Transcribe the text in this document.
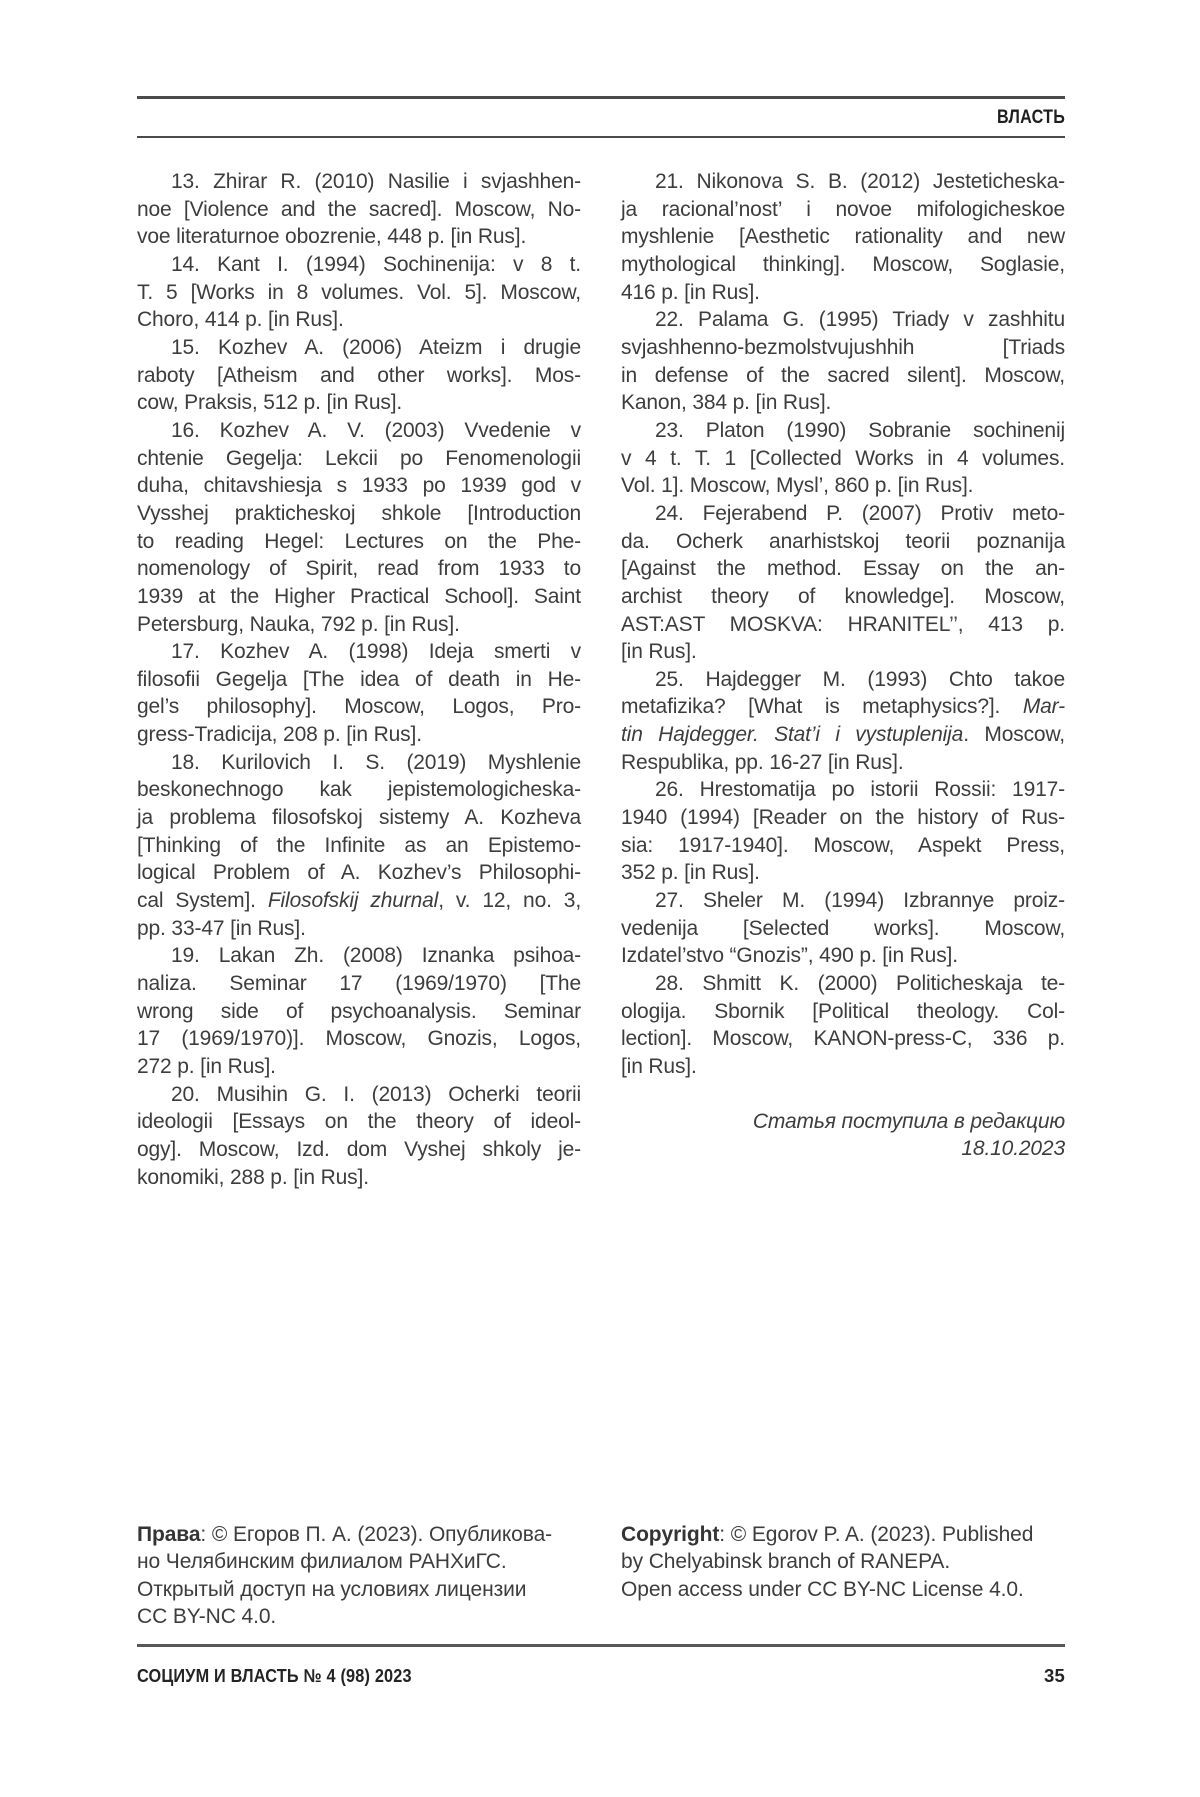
ВЛАСТЬ

13. Zhirar R. (2010) Nasilie i svjashhen-
noe [Violence and the sacred]. Moscow, No-
voe literaturnoe obozrenie, 448 p. [in Rus].

14. Kant I. (1994) Sochinenija: v 8 t.
T. 5 [Works in 8 volumes. Vol. 5]. Moscow,
Choro, 414 p. [in Rus].

15. Kozhev A. (2006) Ateizm i drugie
raboty [Atheism and other works]. Mos-
cow, Praksis, 512 p. [in Rus].

16. Kozhev A. V. (2003) Vvedenie v
chtenie Gegelja: Lekcii po Fenomenologii
duha, chitavshiesja s 1933 po 1939 god v
Vysshej prakticheskoj shkole [Introduction
to reading Hegel: Lectures on the Phe-
nomenology of Spirit, read from 1933 to
1939 at the Higher Practical School]. Saint
Petersburg, Nauka, 792 p. [in Rus].

17. Kozhev A. (1998) Ideja smerti v
filosofii Gegelja [The idea of death in He-
gel’s philosophy]. Moscow, Logos, Pro-
gress-Tradicija, 208 p. [in Rus].

18. Kurilovich I. S. (2019) Myshlenie
beskonechnogo kak jepistemologicheska-
ja problema filosofskoj sistemy A. Kozheva
[Thinking of the Infinite as an Epistemo-
logical Problem of A. Kozhev’s Philosophi-
cal System]. Filosofskij zhurnal, v. 12, no. 3,
pp. 33-47 [in Rus].

19. Lakan Zh. (2008) Iznanka psihoa-
naliza. Seminar 17 (1969/1970) [The
wrong side of psychoanalysis. Seminar
17 (1969/1970)]. Moscow, Gnozis, Logos,
272 p. [in Rus].

20. Musihin G. I. (2013) Ocherki teorii
ideologii [Essays on the theory of ideol-
ogy]. Moscow, Izd. dom Vyshej shkoly je-
konomiki, 288 p. [in Rus].

21. Nikonova S. B. (2012) Jesteticheska-
ja racional’nost’ i novoe mifologicheskoe
myshlenie [Aesthetic rationality and new
mythological thinking]. Moscow, Soglasie,
416 p. [in Rus].

22. Palama G. (1995) Triady v zashhitu
svjashhenno-bezmolstvujushhih [Triads
in defense of the sacred silent]. Moscow,
Kanon, 384 p. [in Rus].

23. Platon (1990) Sobranie sochinenij
v 4 t. T. 1 [Collected Works in 4 volumes.
Vol. 1]. Moscow, Mysl’, 860 p. [in Rus].

24. Fejerabend P. (2007) Protiv meto-
da. Ocherk anarhistskoj teorii poznanija
[Against the method. Essay on the an-
archist theory of knowledge]. Moscow,
AST:AST MOSKVA: HRANITEL’’, 413 p.
[in Rus].

25. Hajdegger M. (1993) Chto takoe
metafizika? [What is metaphysics?]. Mar-
tin Hajdegger. Stat’i i vystuplenija. Moscow,
Respublika, pp. 16-27 [in Rus].

26. Hrestomatija po istorii Rossii: 1917-
1940 (1994) [Reader on the history of Rus-
sia: 1917-1940]. Moscow, Aspekt Press,
352 p. [in Rus].

27. Sheler M. (1994) Izbrannye proiz-
vedenija [Selected works]. Moscow,
Izdatel’stvo “Gnozis”, 490 p. [in Rus].

28. Shmitt K. (2000) Politicheskaja te-
ologija. Sbornik [Political theology. Col-
lection]. Moscow, KANON-press-C, 336 p.
[in Rus].

Статья поступила в редакцию
18.10.2023
Права: © Егоров П. А. (2023). Опубликова-
но Челябинским филиалом РАНХиГС.
Открытый доступ на условиях лицензии
CC BY-NC 4.0.
Copyright: © Egorov P. A. (2023). Published
by Chelyabinsk branch of RANEPA.
Open access under CC BY-NC License 4.0.
СОЦИУМ И ВЛАСТЬ № 4 (98) 2023	35
